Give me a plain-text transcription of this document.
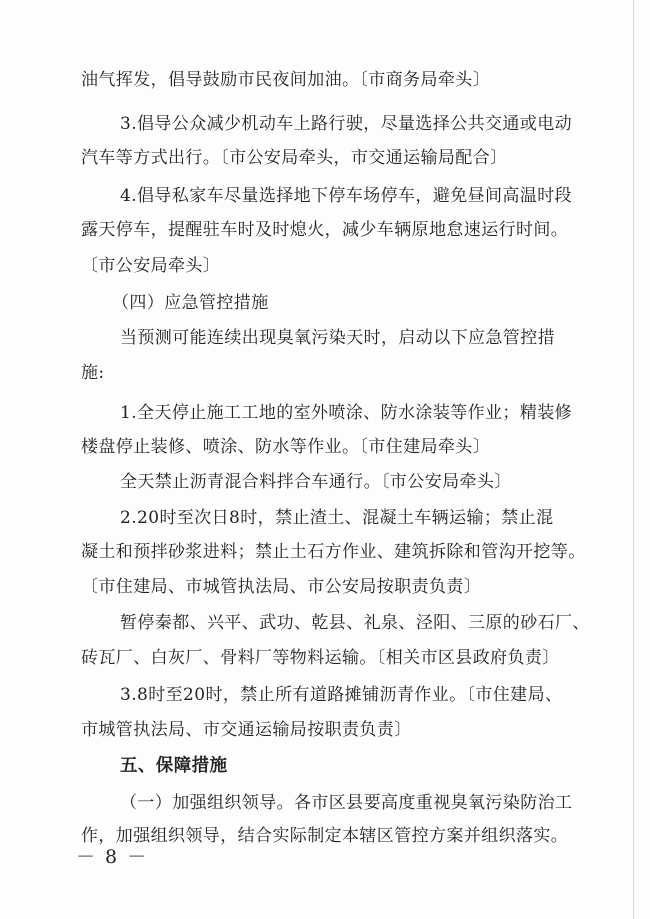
油气挥发，倡导鼓励市民夜间加油。〔市商务局牵头〕
3.倡导公众减少机动车上路行驶，尽量选择公共交通或电动
汽车等方式出行。〔市公安局牵头，市交通运输局配合〕
4.倡导私家车尽量选择地下停车场停车，避免昼间高温时段
露天停车，提醒驻车时及时熄火，减少车辆原地怠速运行时间。
〔市公安局牵头〕
（四）应急管控措施
当预测可能连续出现臭氧污染天时，启动以下应急管控措
施:
1.全天停止施工工地的室外喷涂、防水涂装等作业；精装修
楼盘停止装修、喷涂、防水等作业。〔市住建局牵头〕
全天禁止沥青混合料拌合车通行。〔市公安局牵头〕
2.20时至次日8时，禁止渣土、混凝土车辆运输；禁止混
凝土和预拌砂浆进料；禁止土石方作业、建筑拆除和管沟开挖等。
〔市住建局、市城管执法局、市公安局按职责负责〕
暂停秦都、兴平、武功、乾县、礼泉、泾阳、三原的砂石厂、
砖瓦厂、白灰厂、骨料厂等物料运输。〔相关市区县政府负责〕
3.8时至20时，禁止所有道路摊铺沥青作业。〔市住建局、
市城管执法局、市交通运输局按职责负责〕
五、保障措施
（一）加强组织领导。各市区县要高度重视臭氧污染防治工
作，加强组织领导，结合实际制定本辖区管控方案并组织落实。
－ 8 －
